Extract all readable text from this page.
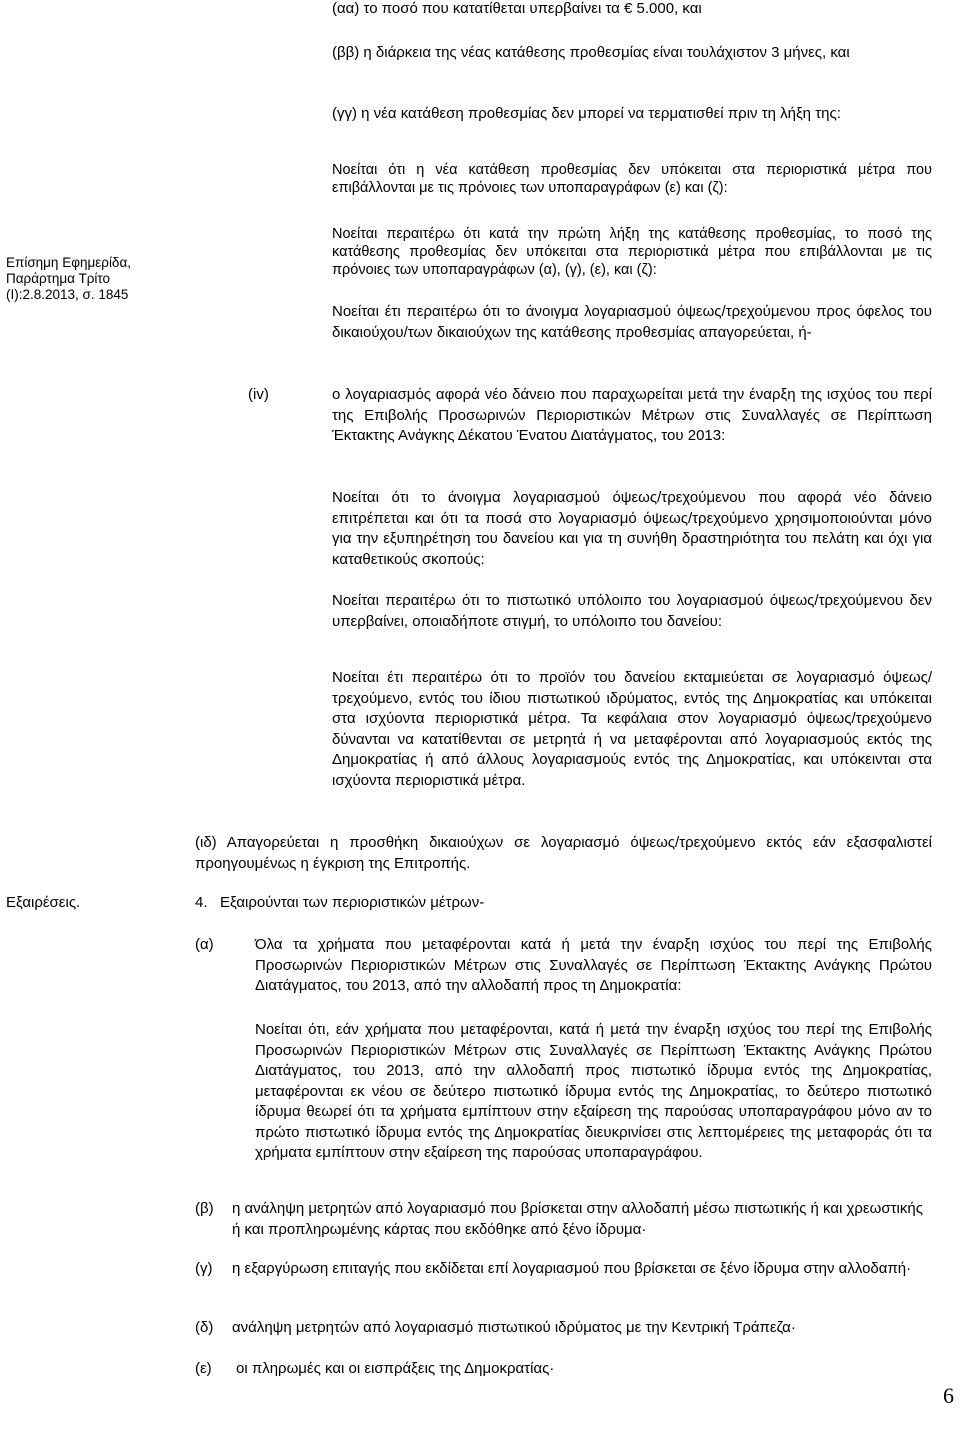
Επίσημη Εφημερίδα, Παράρτημα Τρίτο (Ι):2.8.2013, σ. 1845
Εξαιρέσεις.
(αα) το ποσό που κατατίθεται υπερβαίνει τα € 5.000, και
(ββ) η διάρκεια της νέας κατάθεσης προθεσμίας είναι τουλάχιστον 3 μήνες, και
(γγ) η νέα κατάθεση προθεσμίας δεν μπορεί να τερματισθεί πριν τη λήξη της:
Νοείται ότι η νέα κατάθεση προθεσμίας δεν υπόκειται στα περιοριστικά μέτρα που επιβάλλονται με τις πρόνοιες των υποπαραγράφων (ε) και (ζ):
Νοείται περαιτέρω ότι κατά την πρώτη λήξη της κατάθεσης προθεσμίας, το ποσό της κατάθεσης προθεσμίας δεν υπόκειται στα περιοριστικά μέτρα που επιβάλλονται με τις πρόνοιες των υποπαραγράφων (α), (γ), (ε), και (ζ):
Νοείται έτι περαιτέρω ότι το άνοιγμα λογαριασμού όψεως/τρεχούμενου προς όφελος του δικαιούχου/των δικαιούχων της κατάθεσης προθεσμίας απαγορεύεται, ή-
(iv)	ο λογαριασμός αφορά νέο δάνειο που παραχωρείται μετά την έναρξη της ισχύος του περί της Επιβολής Προσωρινών Περιοριστικών Μέτρων στις Συναλλαγές σε Περίπτωση Έκτακτης Ανάγκης Δέκατου Ένατου Διατάγματος, του 2013:
Νοείται ότι το άνοιγμα λογαριασμού όψεως/τρεχούμενου που αφορά νέο δάνειο επιτρέπεται και ότι τα ποσά στο λογαριασμό όψεως/τρεχούμενο χρησιμοποιούνται μόνο για την εξυπηρέτηση του δανείου και για τη συνήθη δραστηριότητα του πελάτη και όχι για καταθετικούς σκοπούς:
Νοείται περαιτέρω ότι το πιστωτικό υπόλοιπο του λογαριασμού όψεως/τρεχούμενου δεν υπερβαίνει, οποιαδήποτε στιγμή, το υπόλοιπο του δανείου:
Νοείται έτι περαιτέρω ότι το προϊόν του δανείου εκταμιεύεται σε λογαριασμό όψεως/τρεχούμενο, εντός του ίδιου πιστωτικού ιδρύματος, εντός της Δημοκρατίας και υπόκειται στα ισχύοντα περιοριστικά μέτρα. Τα κεφάλαια στον λογαριασμό όψεως/τρεχούμενο δύνανται να κατατίθενται σε μετρητά ή να μεταφέρονται από λογαριασμούς εκτός της Δημοκρατίας ή από άλλους λογαριασμούς εντός της Δημοκρατίας, και υπόκεινται στα ισχύοντα περιοριστικά μέτρα.
(ιδ) Απαγορεύεται η προσθήκη δικαιούχων σε λογαριασμό όψεως/τρεχούμενο εκτός εάν εξασφαλιστεί προηγουμένως η έγκριση της Επιτροπής.
4. Εξαιρούνται των περιοριστικών μέτρων-
(α)	Όλα τα χρήματα που μεταφέρονται κατά ή μετά την έναρξη ισχύος του περί της Επιβολής Προσωρινών Περιοριστικών Μέτρων στις Συναλλαγές σε Περίπτωση Έκτακτης Ανάγκης Πρώτου Διατάγματος, του 2013, από την αλλοδαπή προς τη Δημοκρατία:
Νοείται ότι, εάν χρήματα που μεταφέρονται, κατά ή μετά την έναρξη ισχύος του περί της Επιβολής Προσωρινών Περιοριστικών Μέτρων στις Συναλλαγές σε Περίπτωση Έκτακτης Ανάγκης Πρώτου Διατάγματος, του 2013, από την αλλοδαπή προς πιστωτικό ίδρυμα εντός της Δημοκρατίας, μεταφέρονται εκ νέου σε δεύτερο πιστωτικό ίδρυμα εντός της Δημοκρατίας, το δεύτερο πιστωτικό ίδρυμα θεωρεί ότι τα χρήματα εμπίπτουν στην εξαίρεση της παρούσας υποπαραγράφου μόνο αν το πρώτο πιστωτικό ίδρυμα εντός της Δημοκρατίας διευκρινίσει στις λεπτομέρειες της μεταφοράς ότι τα χρήματα εμπίπτουν στην εξαίρεση της παρούσας υποπαραγράφου.
(β) η ανάληψη μετρητών από λογαριασμό που βρίσκεται στην αλλοδαπή μέσω πιστωτικής ή και χρεωστικής ή και προπληρωμένης κάρτας που εκδόθηκε από ξένο ίδρυμα·
(γ) η εξαργύρωση επιταγής που εκδίδεται επί λογαριασμού που βρίσκεται σε ξένο ίδρυμα στην αλλοδαπή·
(δ) ανάληψη μετρητών από λογαριασμό πιστωτικού ιδρύματος με την Κεντρική Τράπεζα·
(ε) οι πληρωμές και οι εισπράξεις της Δημοκρατίας·
6
